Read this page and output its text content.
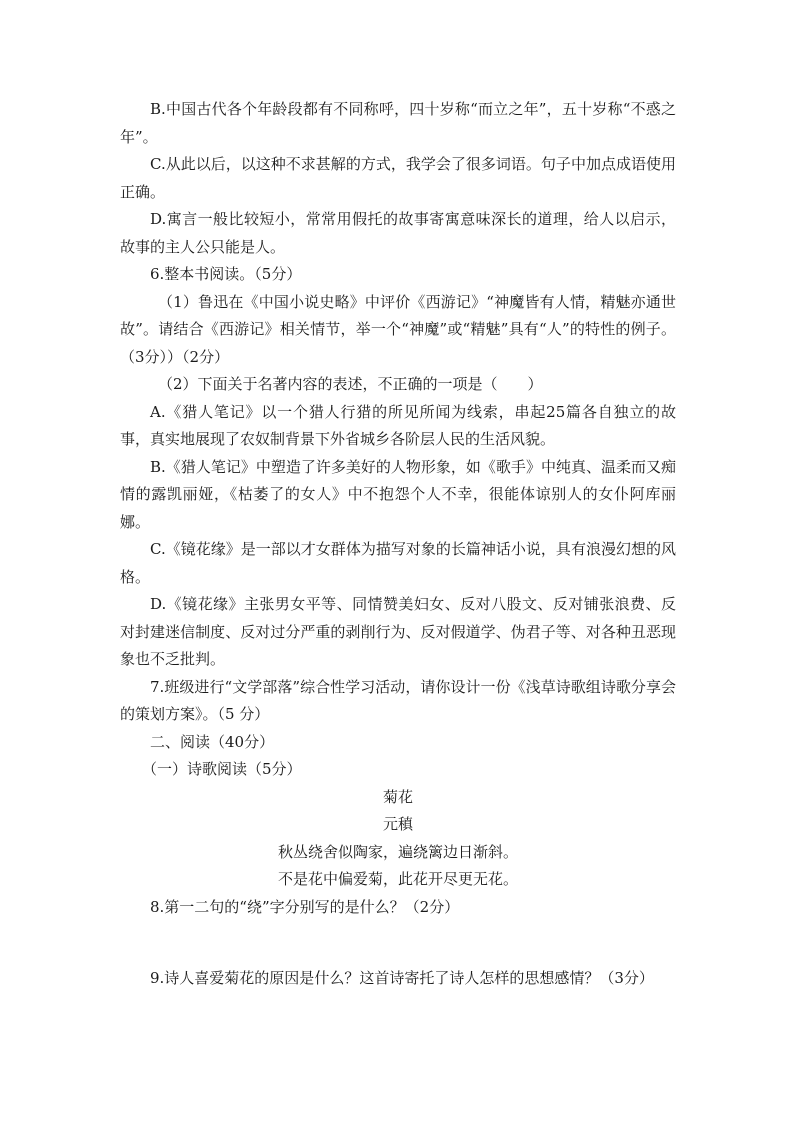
B.中国古代各个年龄段都有不同称呼，四十岁称“而立之年”，五十岁称“不惑之年”。

C.从此以后，以这种不求甚解的方式，我学会了很多词语。句子中加点成语使用正确。

D.寓言一般比较短小，常常用假托的故事寄寓意味深长的道理，给人以启示，故事的主人公只能是人。

6.整本书阅读。（5分）

（1）鲁迅在《中国小说史略》中评价《西游记》“神魔皆有人情，精魅亦通世故”。请结合《西游记》相关情节，举一个“神魔”或“精魅”具有“人”的特性的例子。（3分））（2分）

（2）下面关于名著内容的表述，不正确的一项是（　　）

A.《猎人笔记》以一个猎人行猎的所见所闻为线索，串起25篇各自独立的故事，真实地展现了农奴制背景下外省城乡各阶层人民的生活风貌。

B.《猎人笔记》中塑造了许多美好的人物形象，如《歌手》中纯真、温柔而又痴情的露凯丽娅，《枯萎了的女人》中不抱怨个人不幸，很能体谅别人的女仆阿库丽娜。

C.《镜花缘》是一部以才女群体为描写对象的长篇神话小说，具有浪漫幻想的风格。

D.《镜花缘》主张男女平等、同情赞美妇女、反对八股文、反对铺张浪费、反对封建迷信制度、反对过分严重的剥削行为、反对假道学、伪君子等、对各种丑恶现象也不乏批判。

7.班级进行“文学部落”综合性学习活动，请你设计一份《浅草诗歌组诗歌分享会的策划方案》。（5 分）

二、阅读（40分）

（一）诗歌阅读（5分）

菊花

元稹

秋丛绕舍似陶家，遍绕篱边日渐斜。

不是花中偏爱菊，此花开尽更无花。

8.第一二句的“绕”字分别写的是什么？（2分）

9.诗人喜爱菊花的原因是什么？这首诗寄托了诗人怎样的思想感情？（3分）
